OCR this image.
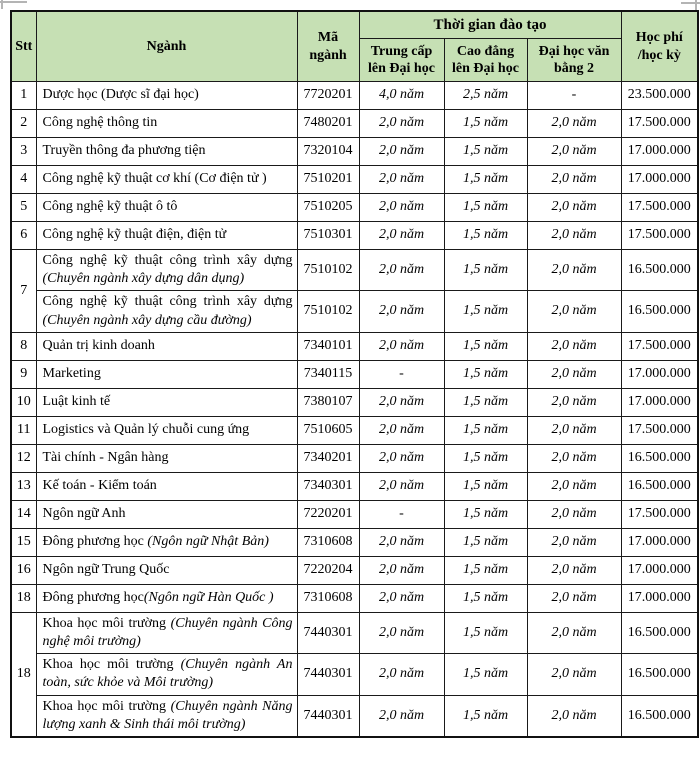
Stt	Ngành	Mã ngành	Thời gian đào tạo			Học phí /học kỳ
			Trung cấp lên Đại học	Cao đẳng lên Đại học	Đại học văn bằng 2	
1	Dược học (Dược sĩ đại học)	7720201	4,0 năm	2,5 năm	-	23.500.000
2	Công nghệ thông tin	7480201	2,0 năm	1,5 năm	2,0 năm	17.500.000
3	Truyền thông đa phương tiện	7320104	2,0 năm	1,5 năm	2,0 năm	17.000.000
4	Công nghệ kỹ thuật cơ khí (Cơ điện tử )	7510201	2,0 năm	1,5 năm	2,0 năm	17.000.000
5	Công nghệ kỹ thuật ô tô	7510205	2,0 năm	1,5 năm	2,0 năm	17.500.000
6	Công nghệ kỹ thuật điện, điện tử	7510301	2,0 năm	1,5 năm	2,0 năm	17.500.000
7	Công nghệ kỹ thuật công trình xây dựng (Chuyên ngành xây dựng dân dụng)	7510102	2,0 năm	1,5 năm	2,0 năm	16.500.000
	Công nghệ kỹ thuật công trình xây dựng (Chuyên ngành xây dựng cầu đường)	7510102	2,0 năm	1,5 năm	2,0 năm	16.500.000
8	Quản trị kinh doanh	7340101	2,0 năm	1,5 năm	2,0 năm	17.500.000
9	Marketing	7340115	-	1,5 năm	2,0 năm	17.000.000
10	Luật kinh tế	7380107	2,0 năm	1,5 năm	2,0 năm	17.000.000
11	Logistics và Quản lý chuỗi cung ứng	7510605	2,0 năm	1,5 năm	2,0 năm	17.500.000
12	Tài chính - Ngân hàng	7340201	2,0 năm	1,5 năm	2,0 năm	16.500.000
13	Kế toán - Kiểm toán	7340301	2,0 năm	1,5 năm	2,0 năm	16.500.000
14	Ngôn ngữ Anh	7220201	-	1,5 năm	2,0 năm	17.500.000
15	Đông phương học (Ngôn ngữ Nhật Bản)	7310608	2,0 năm	1,5 năm	2,0 năm	17.000.000
16	Ngôn ngữ Trung Quốc	7220204	2,0 năm	1,5 năm	2,0 năm	17.000.000
18	Đông phương học(Ngôn ngữ Hàn Quốc )	7310608	2,0 năm	1,5 năm	2,0 năm	17.000.000
18	Khoa học môi trường (Chuyên ngành Công nghệ môi trường)	7440301	2,0 năm	1,5 năm	2,0 năm	16.500.000
	Khoa học môi trường (Chuyên ngành An toàn, sức khỏe và Môi trường)	7440301	2,0 năm	1,5 năm	2,0 năm	16.500.000
	Khoa học môi trường (Chuyên ngành Năng lượng xanh & Sinh thái môi trường)	7440301	2,0 năm	1,5 năm	2,0 năm	16.500.000
